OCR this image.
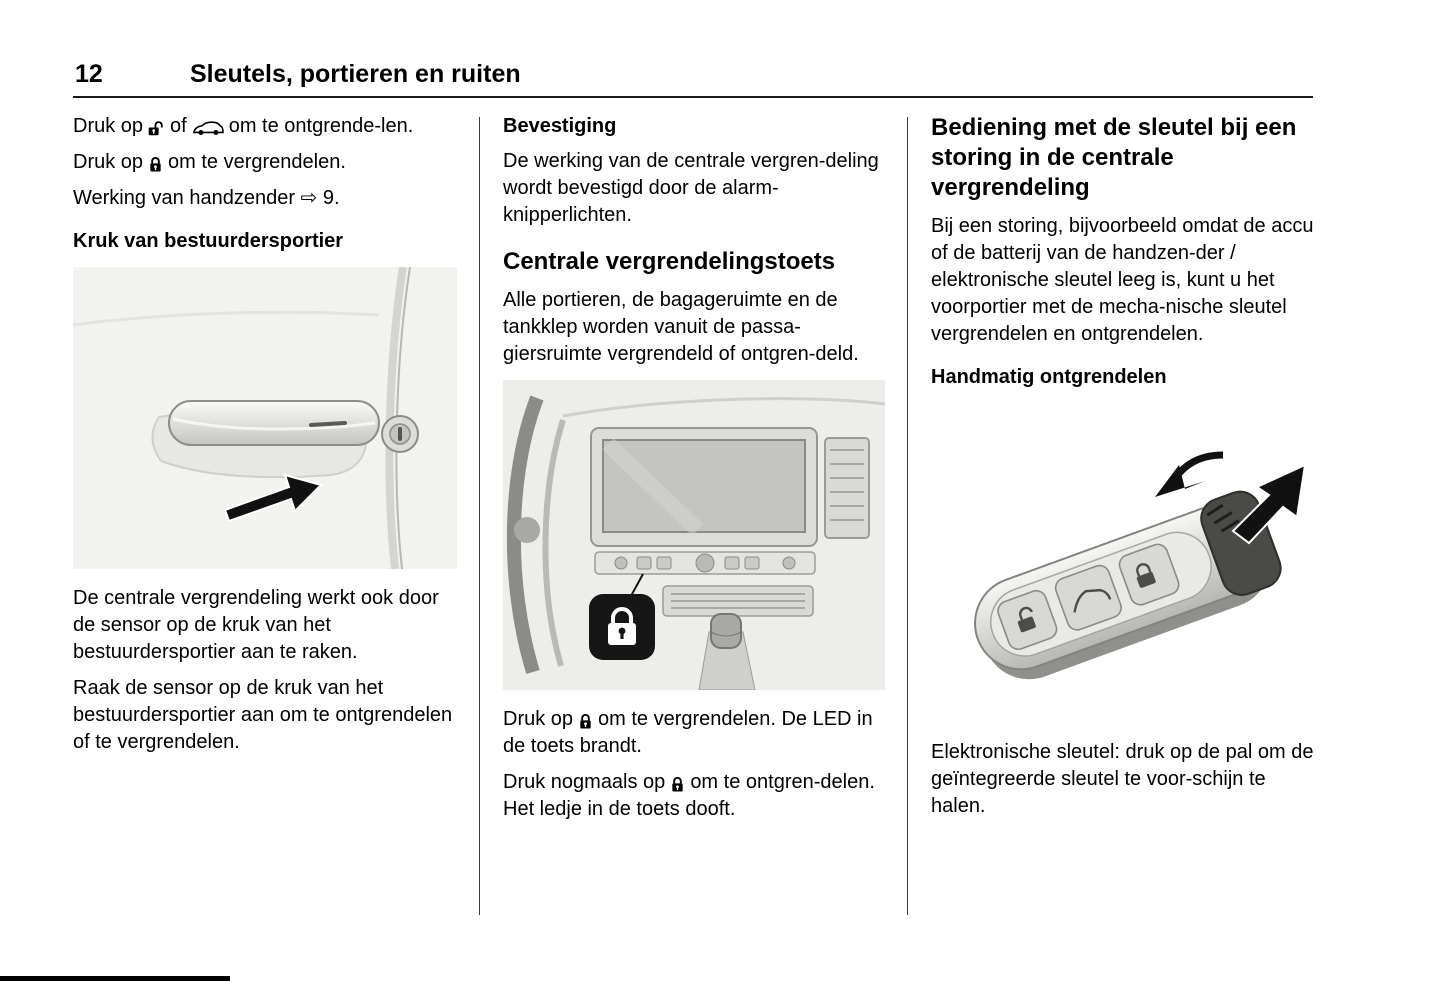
12	Sleutels, portieren en ruiten

Druk op of om te ontgrende-len.

Druk op om te vergrendelen.

Werking van handzender ⇨ 9.

Kruk van bestuurdersportier

De centrale vergrendeling werkt ook door de sensor op de kruk van het bestuurdersportier aan te raken.

Raak de sensor op de kruk van het bestuurdersportier aan om te ontgrendelen of te vergrendelen.

Bevestiging

De werking van de centrale vergren-deling wordt bevestigd door de alarm-knipperlichten.

Centrale vergrendelingstoets

Alle portieren, de bagageruimte en de tankklep worden vanuit de passa-giersruimte vergrendeld of ontgren-deld.

Druk op om te vergrendelen. De LED in de toets brandt.

Druk nogmaals op om te ontgren-delen. Het ledje in de toets dooft.

Bediening met de sleutel bij een storing in de centrale vergrendeling

Bij een storing, bijvoorbeeld omdat de accu of de batterij van de handzen-der / elektronische sleutel leeg is, kunt u het voorportier met de mecha-nische sleutel vergrendelen en ontgrendelen.

Handmatig ontgrendelen

Elektronische sleutel: druk op de pal om de geïntegreerde sleutel te voor-schijn te halen.
